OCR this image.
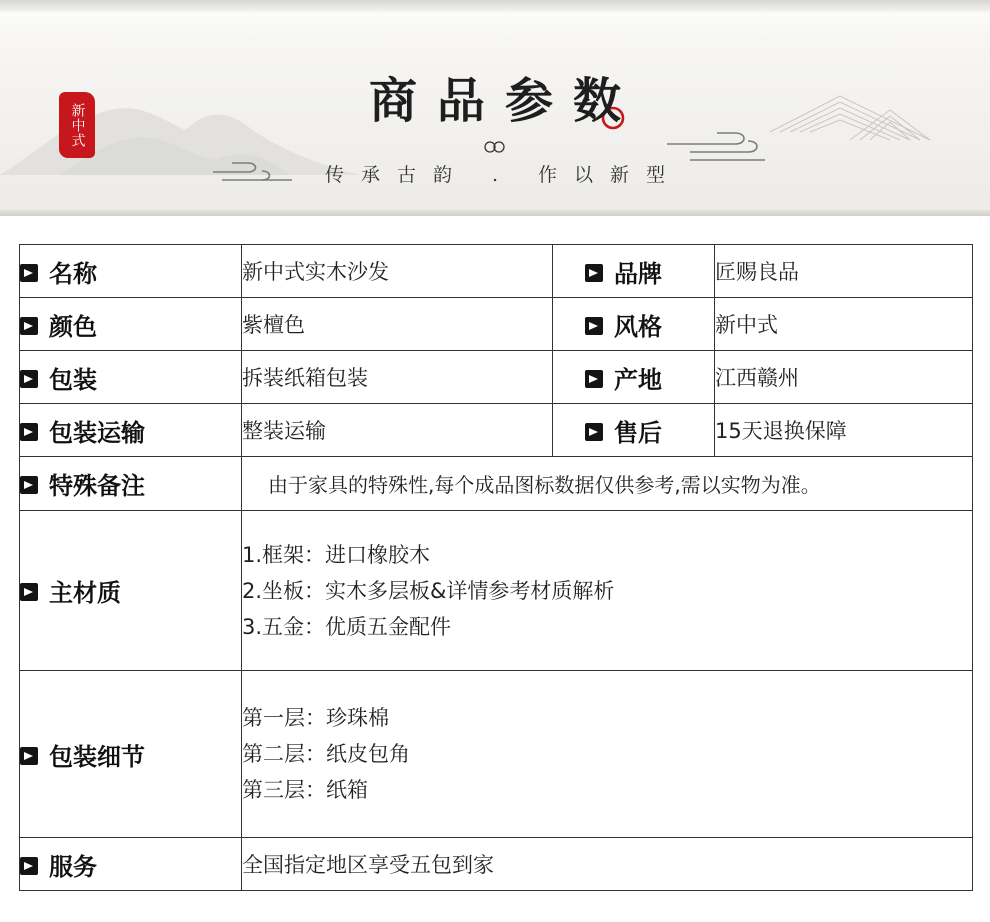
新中式	商品参数
传承古韵 . 作以新型
名称	新中式实木沙发	品牌	匠赐良品
颜色	紫檀色	风格	新中式
包装	拆装纸箱包装	产地	江西赣州
包装运输	整装运输	售后	15天退换保障
特殊备注	由于家具的特殊性,每个成品图标数据仅供参考,需以实物为准。		
主材质	1.框架：进口橡胶木
2.坐板：实木多层板&详情参考材质解析
3.五金：优质五金配件		

包装细节	第一层：珍珠棉
第二层：纸皮包角
第三层：纸箱		

服务	全国指定地区享受五包到家		
